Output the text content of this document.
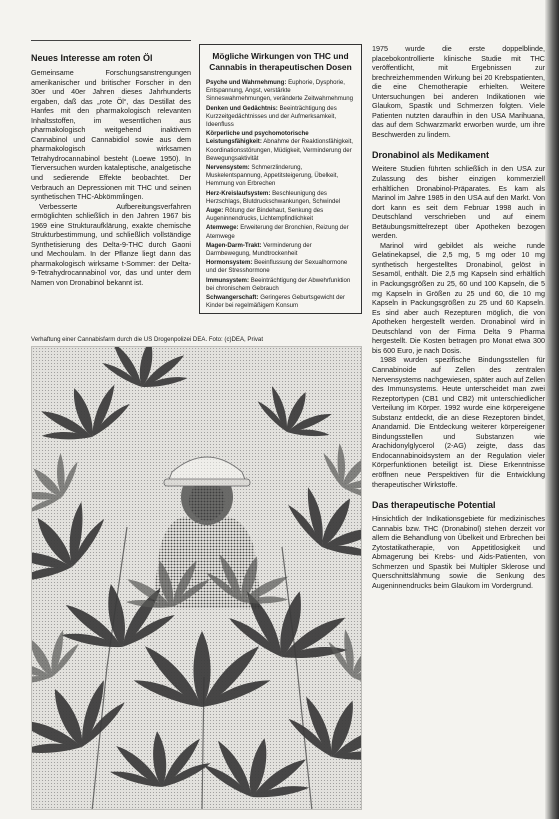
Neues Interesse am roten Öl

Gemeinsame Forschungsanstrengungen amerikanischer und britischer Forscher in den 30er und 40er Jahren dieses Jahrhunderts ergaben, daß das „rote Öl“, das Destillat des Hanfes mit den pharmakologisch relevanten Inhaltsstoffen, im wesentlichen aus pharmakologisch weitgehend inaktivem Cannabinol und Cannabidiol sowie aus dem pharmakologisch wirksamen Tetrahydrocannabinol besteht (Loewe 1950). In Tierversuchen wurden kataleptische, analgetische und sedierende Effekte beobachtet. Der Verbrauch an Depressionen mit THC und seinen synthetischen THC-Abkömmlingen.

Verbesserte Aufbereitungsverfahren ermöglichten schließlich in den Jahren 1967 bis 1969 eine Strukturaufklärung, exakte chemische Strukturbestimmung, und schließlich vollständige Synthetisierung des Delta-9-THC durch Gaoni und Mechoulam. In der Pflanze liegt dann das pharmakologisch wirksame t-Sommer: der Delta-9-Tetrahydrocannabinol vor, das und unter dem Namen von Dronabinol bekannt ist.

Mögliche Wirkungen von THC und Cannabis in therapeutischen Dosen
Psyche und Wahrnehmung: Euphorie, Dysphorie, Entspannung, Angst, verstärkte Sinneswahrnehmungen, veränderte Zeitwahrnehmung
Denken und Gedächtnis: Beeinträchtigung des Kurzzeitgedächtnisses und der Aufmerksamkeit, Ideenfluss
Körperliche und psychomotorische Leistungsfähigkeit: Abnahme der Reaktionsfähigkeit, Koordinationsstörungen, Müdigkeit, Verminderung der Bewegungsaktivität
Nervensystem: Schmerzlinderung, Muskelentspannung, Appetitsteigerung, Übelkeit, Hemmung von Erbrechen
Herz-Kreislaufsystem: Beschleunigung des Herzschlags, Blutdruckschwankungen, Schwindel
Auge: Rötung der Bindehaut, Senkung des Augeninnendrucks, Lichtempfindlichkeit
Atemwege: Erweiterung der Bronchien, Reizung der Atemwege
Magen-Darm-Trakt: Verminderung der Darmbewegung, Mundtrockenheit
Hormonsystem: Beeinflussung der Sexualhormone und der Stresshormone
Immunsystem: Beeinträchtigung der Abwehrfunktion bei chronischem Gebrauch
Schwangerschaft: Geringeres Geburtsgewicht der Kinder bei regelmäßigem Konsum

1975 wurde die erste doppelblinde, placebokontrollierte klinische Studie mit THC veröffentlicht, mit Ergebnissen zur brechreizhemmenden Wirkung bei 20 Krebspatienten, die eine Chemotherapie erhielten. Weitere Untersuchungen bei anderen Indikationen wie Glaukom, Spastik und Schmerzen folgten. Viele Patienten nutzten daraufhin in den USA Marihuana, das auf dem Schwarzmarkt erworben wurde, um ihre Beschwerden zu lindern.

Dronabinol als Medikament

Weitere Studien führten schließlich in den USA zur Zulassung des bisher einzigen kommerziell erhältlichen Dronabinol-Präparates. Es kam als Marinol im Jahre 1985 in den USA auf den Markt. Von dort kann es seit dem Februar 1998 auch in Deutschland verschrieben und auf einem Betäubungsmittelrezept über Apotheken bezogen werden.

Marinol wird gebildet als weiche runde Gelatinekapsel, die 2,5 mg, 5 mg oder 10 mg synthetisch hergestelltes Dronabinol, gelöst in Sesamöl, enthält. Die 2,5 mg Kapseln sind erhältlich in Packungsgrößen zu 25, 60 und 100 Kapseln, die 5 mg Kapseln in Größen zu 25 und 60, die 10 mg Kapseln in Packungsgrößen zu 25 und 60 Kapseln. Es sind aber auch Rezepturen möglich, die von Apotheken hergestellt werden. Dronabinol wird in Deutschland von der Firma Delta 9 Pharma hergestellt. Die Kosten betragen pro Monat etwa 300 bis 600 Euro, je nach Dosis.

1988 wurden spezifische Bindungsstellen für Cannabinoide auf Zellen des zentralen Nervensystems nachgewiesen, später auch auf Zellen des Immunsystems. Heute unterscheidet man zwei Rezeptortypen (CB1 und CB2) mit unterschiedlicher Verteilung im Körper. 1992 wurde eine körpereigene Substanz entdeckt, die an diese Rezeptoren bindet, Anandamid. Die Entdeckung weiterer körpereigener Bindungsstellen und Substanzen wie Arachidonylglycerol (2-AG) zeigte, dass das Endocannabinoidsystem an der Regulation vieler Körperfunktionen beteiligt ist. Diese Erkenntnisse eröffnen neue Perspektiven für die Entwicklung therapeutischer Wirkstoffe.

Das therapeutische Potential

Hinsichtlich der Indikationsgebiete für medizinisches Cannabis bzw. THC (Dronabinol) stehen derzeit vor allem die Behandlung von Übelkeit und Erbrechen bei Zytostatikatherapie, von Appetitlosigkeit und Abmagerung bei Krebs- und Aids-Patienten, von Schmerzen und Spastik bei Multipler Sklerose und Querschnittslähmung sowie die Senkung des Augeninnendrucks beim Glaukom im Vordergrund.

Verhaftung einer Cannabisfarm durch die US Drogenpolizei DEA. Foto: (c)DEA, Privat
